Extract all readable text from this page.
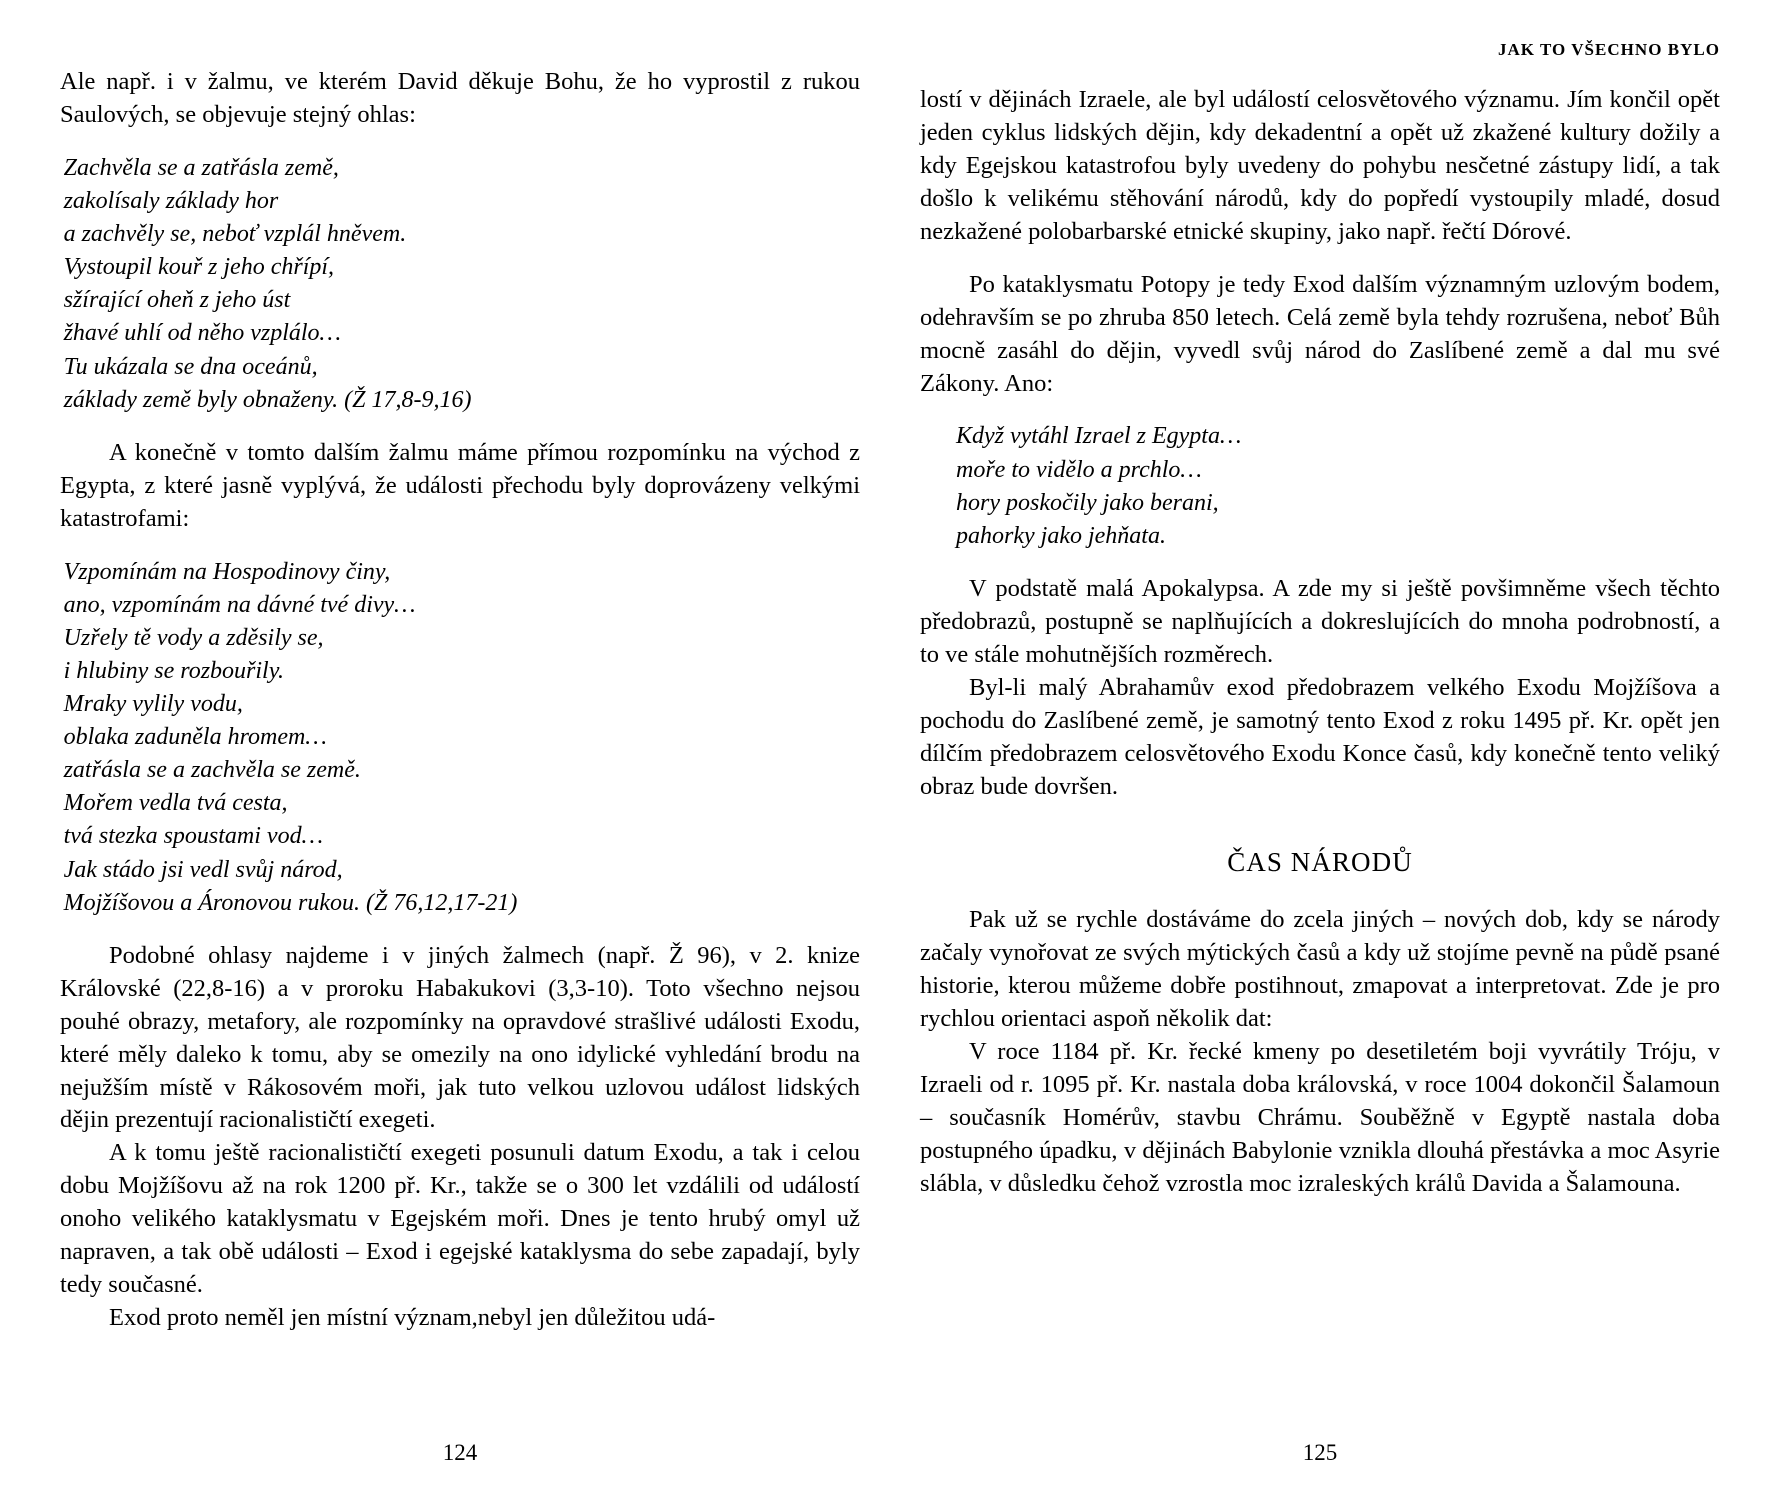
Ale např. i v žalmu, ve kterém David děkuje Bohu, že ho vyprostil z rukou Saulových, se objevuje stejný ohlas:

Zachvěla se a zatřásla země,
zakolísaly základy hor
a zachvěly se, neboť vzplál hněvem.
Vystoupil kouř z jeho chřípí,
sžírající oheň z jeho úst
žhavé uhlí od něho vzplálo…
Tu ukázala se dna oceánů,
základy země byly obnaženy. (Ž 17,8-9,16)

A konečně v tomto dalším žalmu máme přímou rozpomínku na východ z Egypta, z které jasně vyplývá, že události přechodu byly doprovázeny velkými katastrofami:

Vzpomínám na Hospodinovy činy,
ano, vzpomínám na dávné tvé divy…
Uzřely tě vody a zděsily se,
i hlubiny se rozbouřily.
Mraky vylily vodu,
oblaka zaduněla hromem…
zatřásla se a zachvěla se země.
Mořem vedla tvá cesta,
tvá stezka spoustami vod…
Jak stádo jsi vedl svůj národ,
Mojžíšovou a Áronovou rukou. (Ž 76,12,17-21)

Podobné ohlasy najdeme i v jiných žalmech (např. Ž 96), v 2. knize Královské (22,8-16) a v proroku Habakukovi (3,3-10). Toto všechno nejsou pouhé obrazy, metafory, ale rozpomínky na opravdové strašlivé události Exodu, které měly daleko k tomu, aby se omezily na ono idylické vyhledání brodu na nejužším místě v Rákosovém moři, jak tuto velkou uzlovou událost lidských dějin prezentují racionalističtí exegeti.

A k tomu ještě racionalističtí exegeti posunuli datum Exodu, a tak i celou dobu Mojžíšovu až na rok 1200 př. Kr., takže se o 300 let vzdálili od událostí onoho velikého kataklysmatu v Egejském moři. Dnes je tento hrubý omyl už napraven, a tak obě události – Exod i egejské kataklysma do sebe zapadají, byly tedy současné.

Exod proto neměl jen místní význam,nebyl jen důležitou udá-

124
JAK TO VŠECHNO BYLO

lostí v dějinách Izraele, ale byl událostí celosvětového významu. Jím končil opět jeden cyklus lidských dějin, kdy dekadentní a opět už zkažené kultury dožily a kdy Egejskou katastrofou byly uvedeny do pohybu nesčetné zástupy lidí, a tak došlo k velikému stěhování národů, kdy do popředí vystoupily mladé, dosud nezkažené polobarbarské etnické skupiny, jako např. řečtí Dórové.

Po kataklysmatu Potopy je tedy Exod dalším významným uzlovým bodem, odehravším se po zhruba 850 letech. Celá země byla tehdy rozrušena, neboť Bůh mocně zasáhl do dějin, vyvedl svůj národ do Zaslíbené země a dal mu své Zákony. Ano:

Když vytáhl Izrael z Egypta…
moře to vidělo a prchlo…
hory poskočily jako berani,
pahorky jako jehňata.

V podstatě malá Apokalypsa. A zde my si ještě povšimněme všech těchto předobrazů, postupně se naplňujících a dokreslujících do mnoha podrobností, a to ve stále mohutnějších rozměrech.

Byl-li malý Abrahamův exod předobrazem velkého Exodu Mojžíšova a pochodu do Zaslíbené země, je samotný tento Exod z roku 1495 př. Kr. opět jen dílčím předobrazem celosvětového Exodu Konce časů, kdy konečně tento veliký obraz bude dovršen.

ČAS NÁRODŮ

Pak už se rychle dostáváme do zcela jiných – nových dob, kdy se národy začaly vynořovat ze svých mýtických časů a kdy už stojíme pevně na půdě psané historie, kterou můžeme dobře postihnout, zmapovat a interpretovat. Zde je pro rychlou orientaci aspoň několik dat:

V roce 1184 př. Kr. řecké kmeny po desetiletém boji vyvrátily Tróju, v Izraeli od r. 1095 př. Kr. nastala doba královská, v roce 1004 dokončil Šalamoun – současník Homérův, stavbu Chrámu. Souběžně v Egyptě nastala doba postupného úpadku, v dějinách Babylonie vznikla dlouhá přestávka a moc Asyrie slábla, v důsledku čehož vzrostla moc izraleských králů Davida a Šalamouna.

125
